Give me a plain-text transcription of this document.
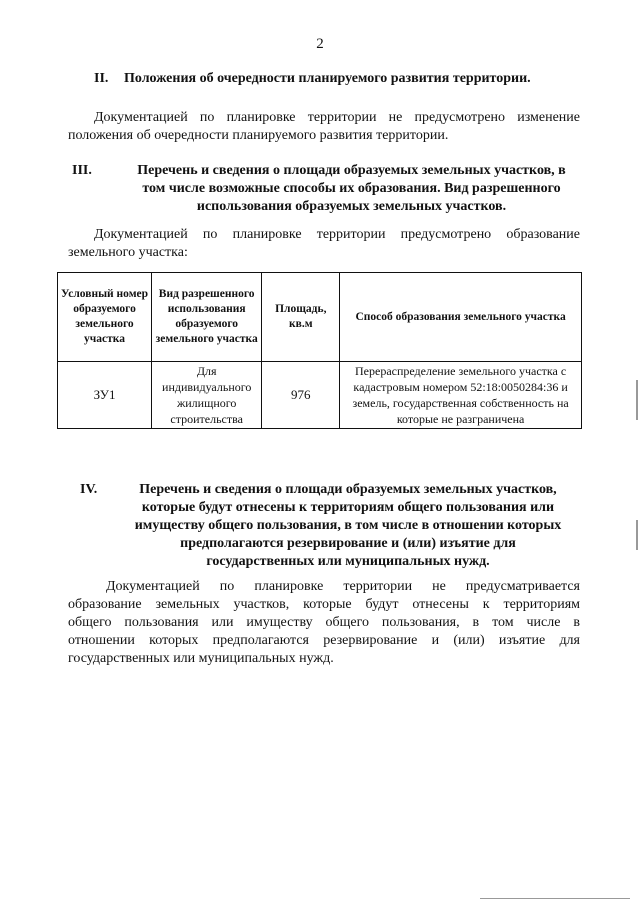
2
II. Положения об очередности планируемого развития территории.
Документацией по планировке территории не предусмотрено изменение
положения об очередности планируемого развития территории.
III.	Перечень и сведения о площади образуемых земельных участков, в
том числе возможные способы их образования. Вид разрешенного
использования образуемых земельных участков.
Документацией по планировке территории предусмотрено образование
земельного участка:
Условный номер образуемого земельного участка	Вид разрешенного использования образуемого земельного участка	Площадь, кв.м	Способ образования земельного участка
ЗУ1	Для индивидуального жилищного строительства	976	Перераспределение земельного участка с кадастровым номером 52:18:0050284:36 и земель, государственная собственность на которые не разграничена
IV.	Перечень и сведения о площади образуемых земельных участков,
которые будут отнесены к территориям общего пользования или
имуществу общего пользования, в том числе в отношении которых
предполагаются резервирование и (или) изъятие для
государственных или муниципальных нужд.
Документацией по планировке территории не предусматривается
образование земельных участков, которые будут отнесены к территориям
общего пользования или имуществу общего пользования, в том числе в
отношении которых предполагаются резервирование и (или) изъятие для
государственных или муниципальных нужд.
